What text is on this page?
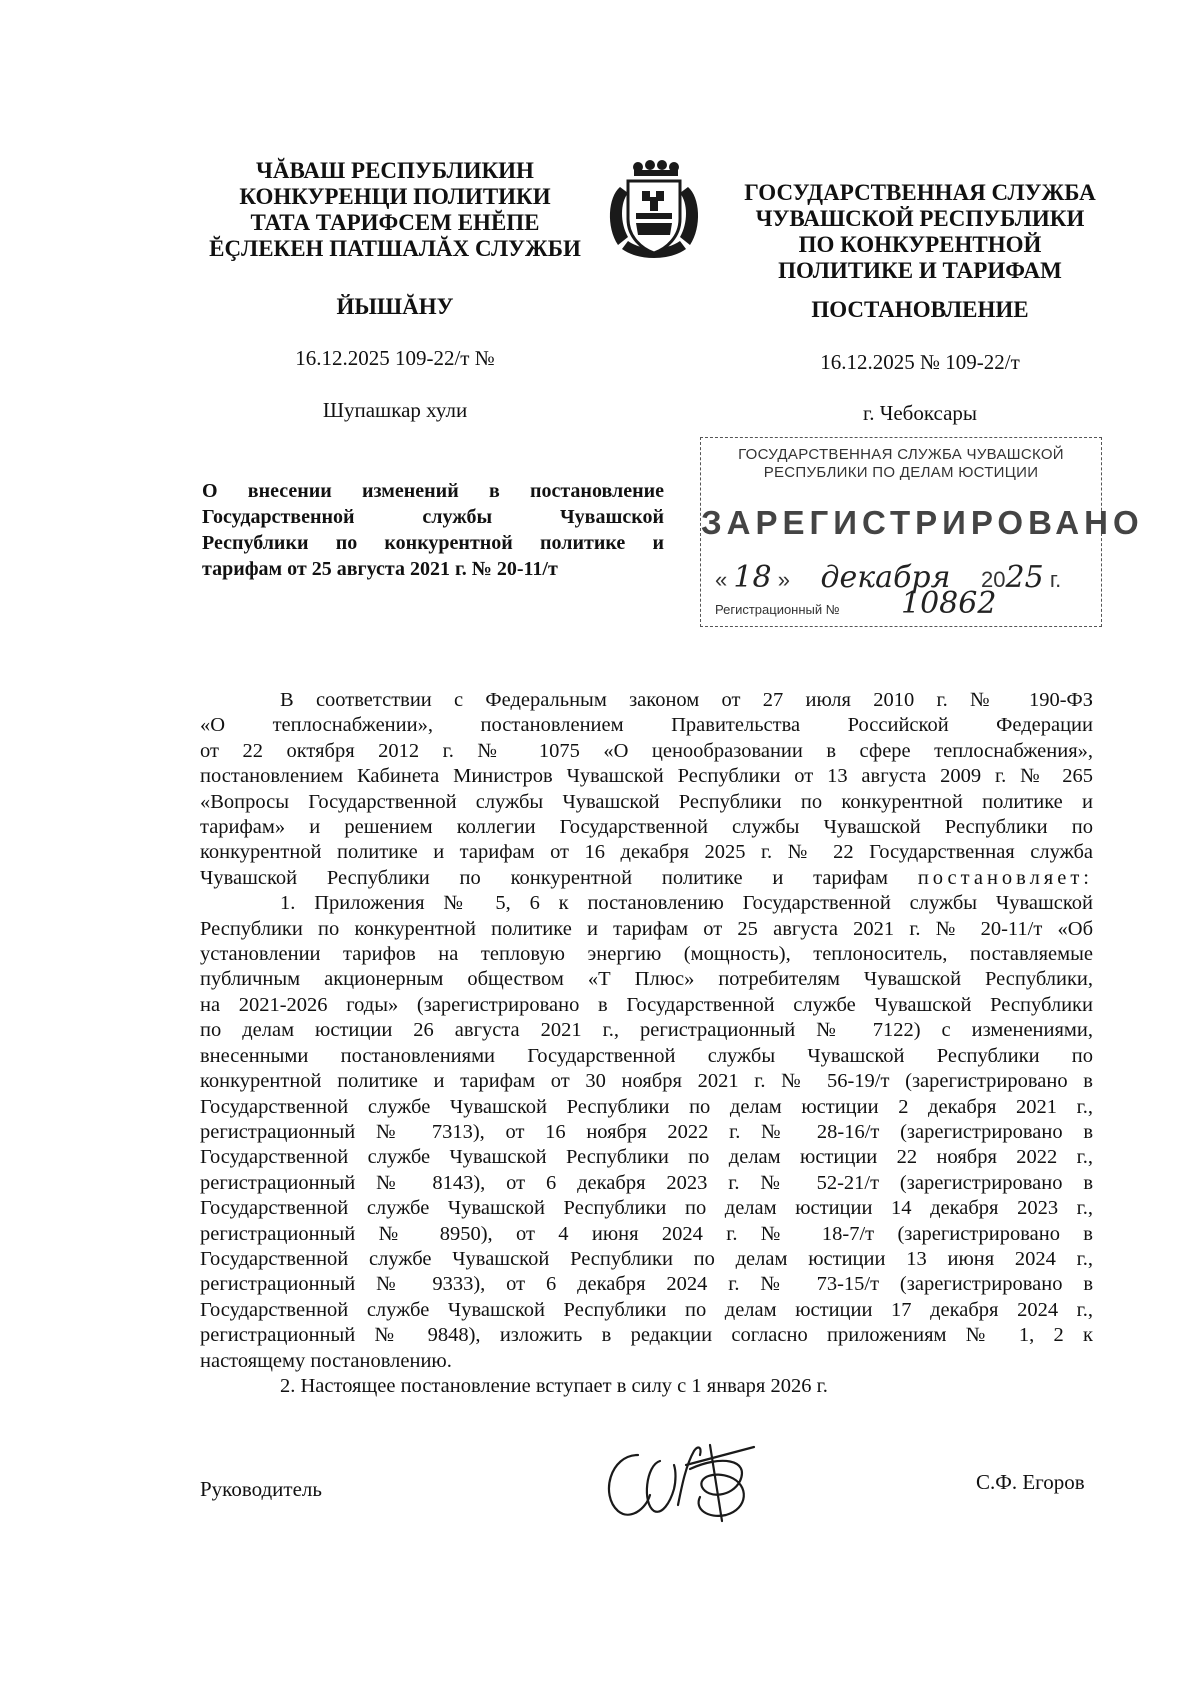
ЧĂВАШ РЕСПУБЛИКИН
КОНКУРЕНЦИ ПОЛИТИКИ
ТАТА ТАРИФСЕМ ЕНĔПЕ
ĔÇЛЕКЕН ПАТШАЛĂХ СЛУЖБИ
ГОСУДАРСТВЕННАЯ СЛУЖБА
ЧУВАШСКОЙ РЕСПУБЛИКИ
ПО КОНКУРЕНТНОЙ
ПОЛИТИКЕ И ТАРИФАМ
ЙЫШĂНУ	ПОСТАНОВЛЕНИЕ
16.12.2025 109-22/т №	16.12.2025 № 109-22/т
Шупашкар хули	г. Чебоксары
О внесении изменений в постановление
Государственной службы Чувашской
Республики по конкурентной политике и
тарифам от 25 августа 2021 г. № 20-11/т
ГОСУДАРСТВЕННАЯ СЛУЖБА ЧУВАШСКОЙ
РЕСПУБЛИКИ ПО ДЕЛАМ ЮСТИЦИИ
ЗАРЕГИСТРИРОВАНО
« 18 » декабря 2025 г.
Регистрационный № 10862
В соответствии с Федеральным законом от 27 июля 2010 г. № 190-ФЗ
«О теплоснабжении», постановлением Правительства Российской Федерации
от 22 октября 2012 г. № 1075 «О ценообразовании в сфере теплоснабжения»,
постановлением Кабинета Министров Чувашской Республики от 13 августа 2009 г. № 265
«Вопросы Государственной службы Чувашской Республики по конкурентной политике и
тарифам» и решением коллегии Государственной службы Чувашской Республики по
конкурентной политике и тарифам от 16 декабря 2025 г. № 22 Государственная служба
Чувашской Республики по конкурентной политике и тарифам постановляет:
1. Приложения № 5, 6 к постановлению Государственной службы Чувашской
Республики по конкурентной политике и тарифам от 25 августа 2021 г. № 20-11/т «Об
установлении тарифов на тепловую энергию (мощность), теплоноситель, поставляемые
публичным акционерным обществом «Т Плюс» потребителям Чувашской Республики,
на 2021-2026 годы» (зарегистрировано в Государственной службе Чувашской Республики
по делам юстиции 26 августа 2021 г., регистрационный № 7122) с изменениями,
внесенными постановлениями Государственной службы Чувашской Республики по
конкурентной политике и тарифам от 30 ноября 2021 г. № 56-19/т (зарегистрировано в
Государственной службе Чувашской Республики по делам юстиции 2 декабря 2021 г.,
регистрационный № 7313), от 16 ноября 2022 г. № 28-16/т (зарегистрировано в
Государственной службе Чувашской Республики по делам юстиции 22 ноября 2022 г.,
регистрационный № 8143), от 6 декабря 2023 г. № 52-21/т (зарегистрировано в
Государственной службе Чувашской Республики по делам юстиции 14 декабря 2023 г.,
регистрационный № 8950), от 4 июня 2024 г. № 18-7/т (зарегистрировано в
Государственной службе Чувашской Республики по делам юстиции 13 июня 2024 г.,
регистрационный № 9333), от 6 декабря 2024 г. № 73-15/т (зарегистрировано в
Государственной службе Чувашской Республики по делам юстиции 17 декабря 2024 г.,
регистрационный № 9848), изложить в редакции согласно приложениям № 1, 2 к
настоящему постановлению.
2. Настоящее постановление вступает в силу с 1 января 2026 г.
Руководитель	С.Ф. Егоров
